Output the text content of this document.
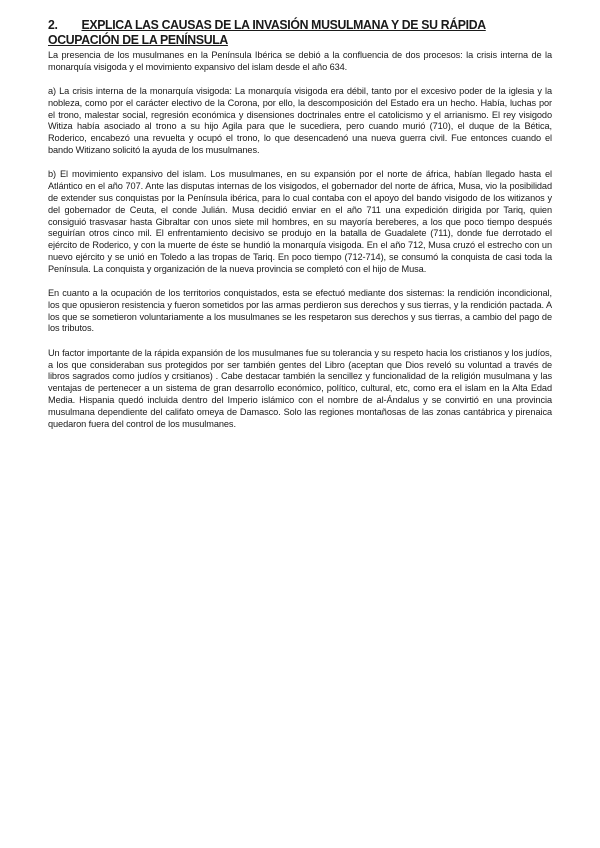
2. EXPLICA LAS CAUSAS DE LA INVASIÓN MUSULMANA Y DE SU RÁPIDA OCUPACIÓN DE LA PENÍNSULA

La presencia de los musulmanes en la Península Ibérica se debió a la confluencia de dos procesos: la crisis interna de la monarquía visigoda y el movimiento expansivo del islam desde el año 634.

a) La crisis interna de la monarquía visigoda: La monarquía visigoda era débil, tanto por el excesivo poder de la iglesia y la nobleza, como por el carácter electivo de la Corona, por ello, la descomposición del Estado era un hecho. Había, luchas por el trono, malestar social, regresión económica y disensiones doctrinales entre el catolicismo y el arrianismo. El rey visigodo Witiza había asociado al trono a su hijo Agila para que le sucediera, pero cuando murió (710), el duque de la Bética, Roderico, encabezó una revuelta y ocupó el trono, lo que desencadenó una nueva guerra civil. Fue entonces cuando el bando Witizano solicitó la ayuda de los musulmanes.

b) El movimiento expansivo del islam. Los musulmanes, en su expansión por el norte de áfrica, habían llegado hasta el Atlántico en el año 707. Ante las disputas internas de los visigodos, el gobernador del norte de áfrica, Musa, vio la posibilidad de extender sus conquistas por la Península ibérica, para lo cual contaba con el apoyo del bando visigodo de los witizanos y del gobernador de Ceuta, el conde Julián. Musa decidió enviar en el año 711 una expedición dirigida por Tariq, quien consiguió trasvasar hasta Gibraltar con unos siete mil hombres, en su mayoría bereberes, a los que poco tiempo después seguirían otros cinco mil. El enfrentamiento decisivo se produjo en la batalla de Guadalete (711), donde fue derrotado el ejército de Roderico, y con la muerte de éste se hundió la monarquía visigoda. En el año 712, Musa cruzó el estrecho con un nuevo ejército y se unió en Toledo a las tropas de Tariq. En poco tiempo (712-714), se consumó la conquista de casi toda la Península. La conquista y organización de la nueva provincia se completó con el hijo de Musa.

En cuanto a la ocupación de los territorios conquistados, esta se efectuó mediante dos sistemas: la rendición incondicional, los que opusieron resistencia y fueron sometidos por las armas perdieron sus derechos y sus tierras, y la rendición pactada. A los que se sometieron voluntariamente a los musulmanes se les respetaron sus derechos y sus tierras, a cambio del pago de los tributos.

Un factor importante de la rápida expansión de los musulmanes fue su tolerancia y su respeto hacia los cristianos y los judíos, a los que consideraban sus protegidos por ser también gentes del Libro (aceptan que Dios reveló su voluntad a través de libros sagrados como judíos y crsitianos) . Cabe destacar también la sencillez y funcionalidad de la religión musulmana y las ventajas de pertenecer a un sistema de gran desarrollo económico, político, cultural, etc, como era el islam en la Alta Edad Media. Hispania quedó incluida dentro del Imperio islámico con el nombre de al-Ándalus y se convirtió en una provincia musulmana dependiente del califato omeya de Damasco. Solo las regiones montañosas de las zonas cantábrica y pirenaica quedaron fuera del control de los musulmanes.
